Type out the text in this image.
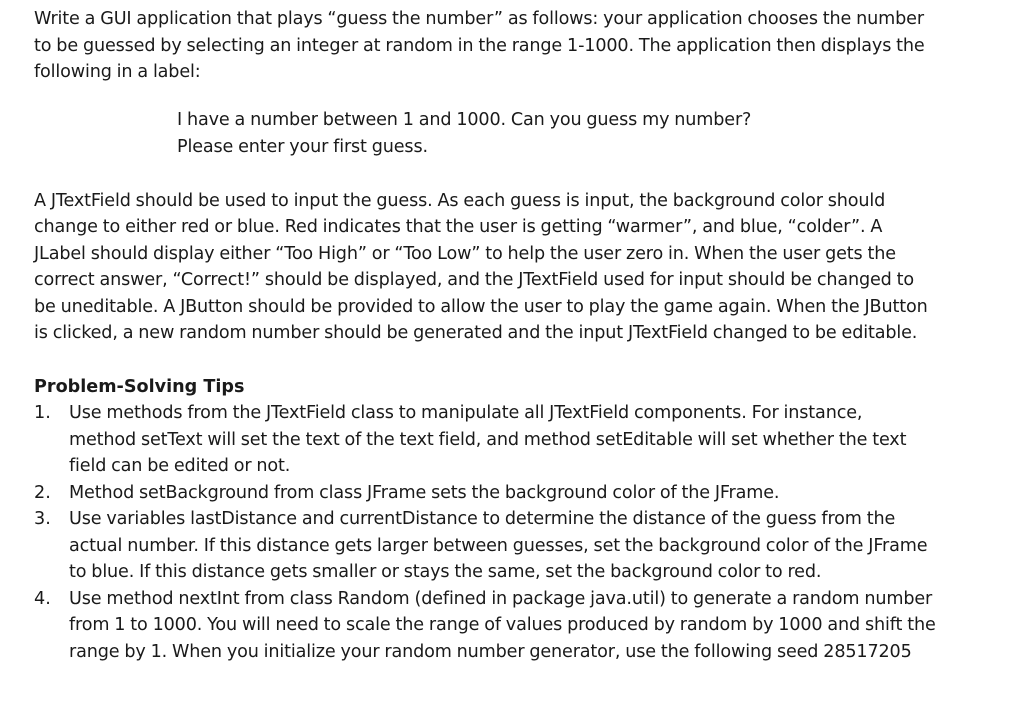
Write a GUI application that plays “guess the number” as follows: your application chooses the number
to be guessed by selecting an integer at random in the range 1-1000. The application then displays the
following in a label:
I have a number between 1 and 1000. Can you guess my number?
Please enter your first guess.
A JTextField should be used to input the guess. As each guess is input, the background color should
change to either red or blue. Red indicates that the user is getting “warmer”, and blue, “colder”. A
JLabel should display either “Too High” or “Too Low” to help the user zero in. When the user gets the
correct answer, “Correct!” should be displayed, and the JTextField used for input should be changed to
be uneditable. A JButton should be provided to allow the user to play the game again. When the JButton
is clicked, a new random number should be generated and the input JTextField changed to be editable.
Problem-Solving Tips
1. Use methods from the JTextField class to manipulate all JTextField components. For instance,
method setText will set the text of the text field, and method setEditable will set whether the text
field can be edited or not.
2. Method setBackground from class JFrame sets the background color of the JFrame.
3. Use variables lastDistance and currentDistance to determine the distance of the guess from the
actual number. If this distance gets larger between guesses, set the background color of the JFrame
to blue. If this distance gets smaller or stays the same, set the background color to red.
4. Use method nextInt from class Random (defined in package java.util) to generate a random number
from 1 to 1000. You will need to scale the range of values produced by random by 1000 and shift the
range by 1. When you initialize your random number generator, use the following seed 28517205
